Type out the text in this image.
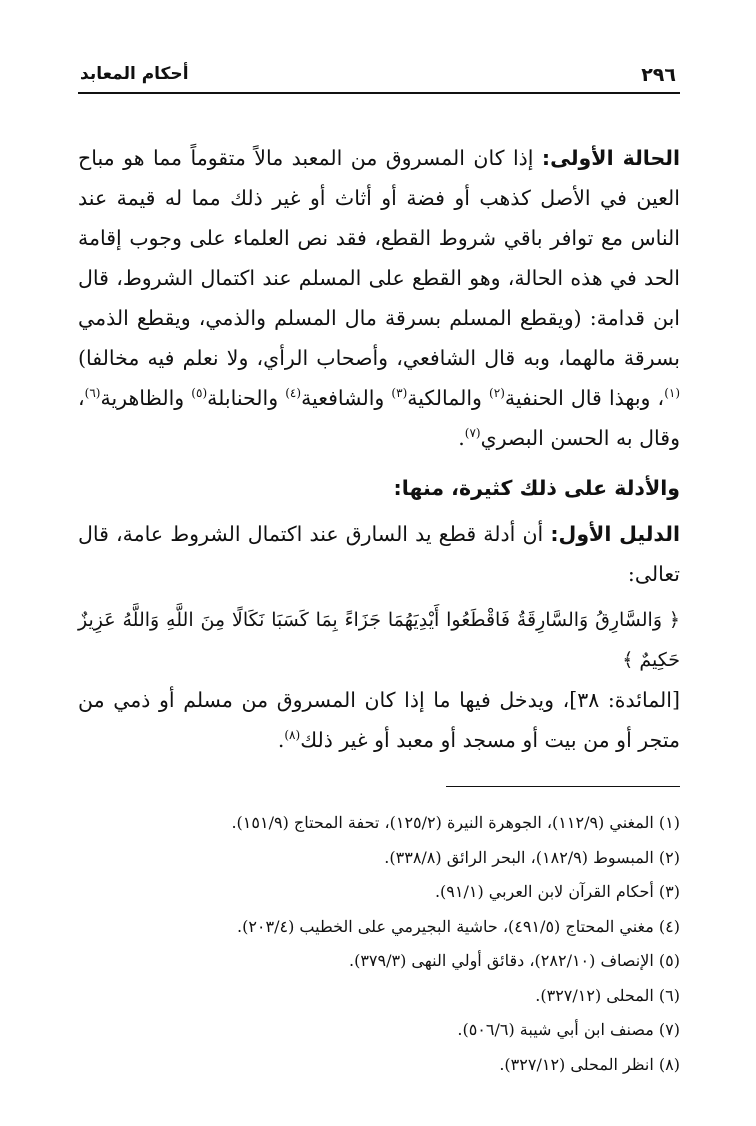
٢٩٦
أحكام المعابد

الحالة الأولى: إذا كان المسروق من المعبد مالاً متقوماً مما هو مباح العين في الأصل كذهب أو فضة أو أثاث أو غير ذلك مما له قيمة عند الناس مع توافر باقي شروط القطع، فقد نص العلماء على وجوب إقامة الحد في هذه الحالة، وهو القطع على المسلم عند اكتمال الشروط، قال ابن قدامة: (ويقطع المسلم بسرقة مال المسلم والذمي، ويقطع الذمي بسرقة مالهما، وبه قال الشافعي، وأصحاب الرأي، ولا نعلم فيه مخالفا)$^{(١)}$، وبهذا قال الحنفية$^{(٢)}$ والمالكية$^{(٣)}$ والشافعية$^{(٤)}$ والحنابلة$^{(٥)}$ والظاهرية$^{(٦)}$، وقال به الحسن البصري$^{(٧)}$.

والأدلة على ذلك كثيرة، منها:

الدليل الأول: أن أدلة قطع يد السارق عند اكتمال الشروط عامة، قال تعالى:

﴿ وَالسَّارِقُ وَالسَّارِقَةُ فَاقْطَعُوا أَيْدِيَهُمَا جَزَاءً بِمَا كَسَبَا نَكَالًا مِنَ اللَّهِ وَاللَّهُ عَزِيزٌ حَكِيمٌ ﴾

[المائدة: ٣٨]، ويدخل فيها ما إذا كان المسروق من مسلم أو ذمي من متجر أو من بيت أو مسجد أو معبد أو غير ذلك$^{(٨)}$.

(١) المغني (١١٢/٩)، الجوهرة النيرة (١٢٥/٢)، تحفة المحتاج (١٥١/٩).
(٢) المبسوط (١٨٢/٩)، البحر الرائق (٣٣٨/٨).
(٣) أحكام القرآن لابن العربي (٩١/١).
(٤) مغني المحتاج (٤٩١/٥)، حاشية البجيرمي على الخطيب (٢٠٣/٤).
(٥) الإنصاف (٢٨٢/١٠)، دقائق أولي النهى (٣٧٩/٣).
(٦) المحلى (٣٢٧/١٢).
(٧) مصنف ابن أبي شيبة (٥٠٦/٦).
(٨) انظر المحلى (٣٢٧/١٢).
